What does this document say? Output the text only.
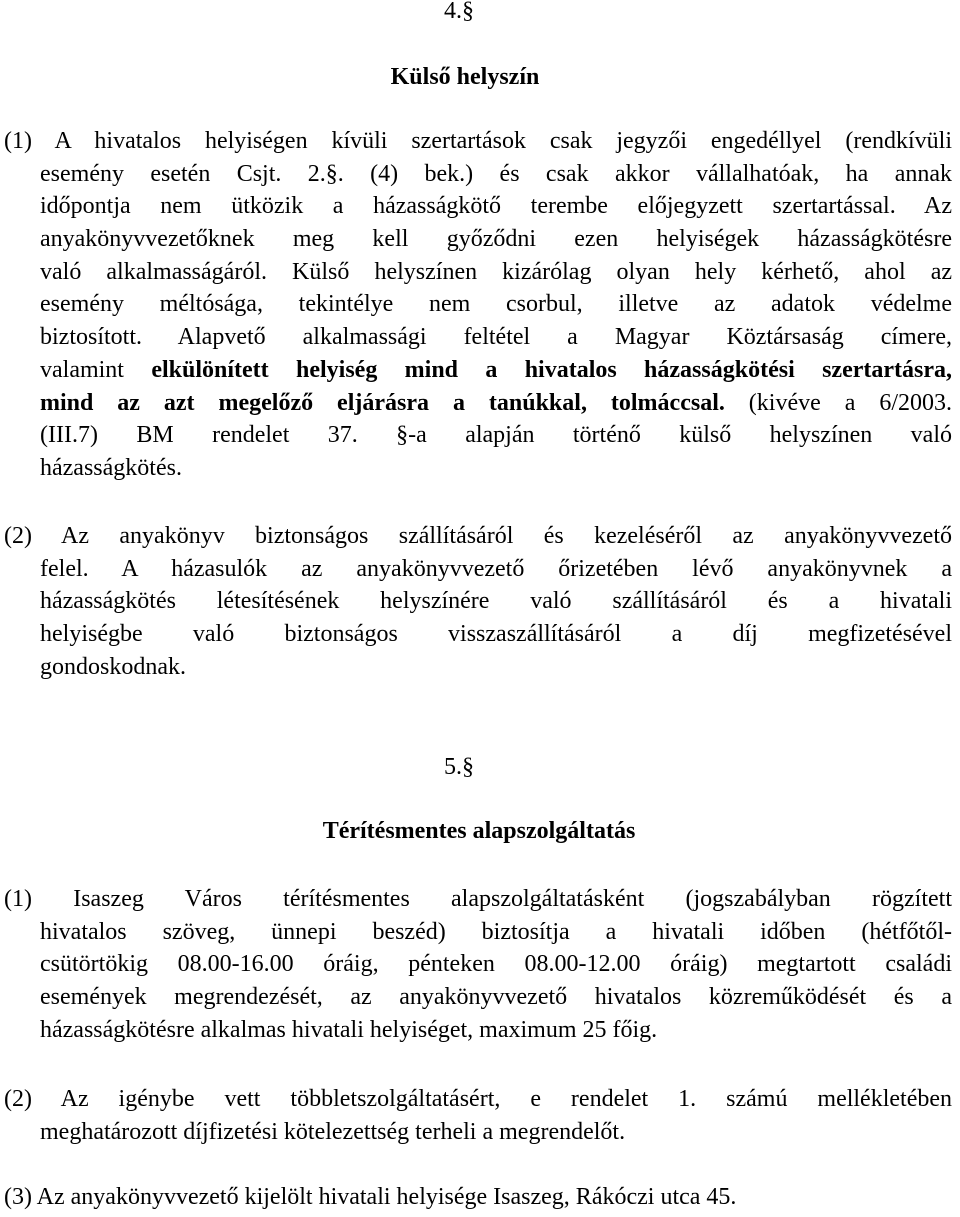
4.§
Külső helyszín
(1) A hivatalos helyiségen kívüli szertartások csak jegyzői engedéllyel (rendkívüli
esemény esetén Csjt. 2.§. (4) bek.) és csak akkor vállalhatóak, ha annak
időpontja nem ütközik a házasságkötő terembe előjegyzett szertartással. Az
anyakönyvvezetőknek meg kell győződni ezen helyiségek házasságkötésre
való alkalmasságáról. Külső helyszínen kizárólag olyan hely kérhető, ahol az
esemény méltósága, tekintélye nem csorbul, illetve az adatok védelme
biztosított. Alapvető alkalmassági feltétel a Magyar Köztársaság címere,
valamint elkülönített helyiség mind a hivatalos házasságkötési szertartásra,
mind az azt megelőző eljárásra a tanúkkal, tolmáccsal. (kivéve a 6/2003.
(III.7) BM rendelet 37. §-a alapján történő külső helyszínen való
házasságkötés.
(2) Az anyakönyv biztonságos szállításáról és kezeléséről az anyakönyvvezető
felel. A házasulók az anyakönyvvezető őrizetében lévő anyakönyvnek a
házasságkötés létesítésének helyszínére való szállításáról és a hivatali
helyiségbe való biztonságos visszaszállításáról a díj megfizetésével
gondoskodnak.
5.§
Térítésmentes alapszolgáltatás
(1) Isaszeg Város térítésmentes alapszolgáltatásként (jogszabályban rögzített
hivatalos szöveg, ünnepi beszéd) biztosítja a hivatali időben (hétfőtől-
csütörtökig 08.00-16.00 óráig, pénteken 08.00-12.00 óráig) megtartott családi
események megrendezését, az anyakönyvvezető hivatalos közreműködését és a
házasságkötésre alkalmas hivatali helyiséget, maximum 25 főig.
(2) Az igénybe vett többletszolgáltatásért, e rendelet 1. számú mellékletében
meghatározott díjfizetési kötelezettség terheli a megrendelőt.
(3) Az anyakönyvvezető kijelölt hivatali helyisége Isaszeg, Rákóczi utca 45.
